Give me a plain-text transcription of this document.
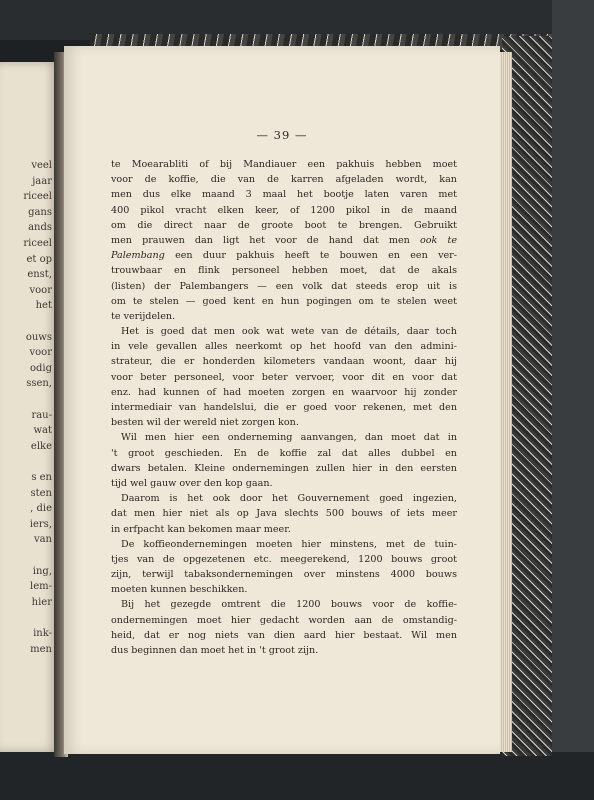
veel
jaar
riceel
gans
ands
riceel
et op
enst,
voor
het
ouws
voor
odig
ssen,
rau-
wat
elke
s en
sten
, die
iers,
van
ing,
lem-
hier
ink-
men
— 39 —
te Moearabliti of bij Mandiauer een pakhuis hebben moet
voor de koffie, die van de karren afgeladen wordt, kan
men dus elke maand 3 maal het bootje laten varen met
400 pikol vracht elken keer, of 1200 pikol in de maand
om die direct naar de groote boot te brengen. Gebruikt
men prauwen dan ligt het voor de hand dat men ook te
Palembang een duur pakhuis heeft te bouwen en een ver-
trouwbaar en flink personeel hebben moet, dat de akals
(listen) der Palembangers — een volk dat steeds erop uit is
om te stelen — goed kent en hun pogingen om te stelen weet
te verijdelen.
Het is goed dat men ook wat wete van de détails, daar toch
in vele gevallen alles neerkomt op het hoofd van den admini-
strateur, die er honderden kilometers vandaan woont, daar hij
voor beter personeel, voor beter vervoer, voor dit en voor dat
enz. had kunnen of had moeten zorgen en waarvoor hij zonder
intermediair van handelslui, die er goed voor rekenen, met den
besten wil der wereld niet zorgen kon.
Wil men hier een onderneming aanvangen, dan moet dat in
't groot geschieden. En de koffie zal dat alles dubbel en
dwars betalen. Kleine ondernemingen zullen hier in den eersten
tijd wel gauw over den kop gaan.
Daarom is het ook door het Gouvernement goed ingezien,
dat men hier niet als op Java slechts 500 bouws of iets meer
in erfpacht kan bekomen maar meer.
De koffieondernemingen moeten hier minstens, met de tuin-
tjes van de opgezetenen etc. meegerekend, 1200 bouws groot
zijn, terwijl tabaksondernemingen over minstens 4000 bouws
moeten kunnen beschikken.
Bij het gezegde omtrent die 1200 bouws voor de koffie-
ondernemingen moet hier gedacht worden aan de omstandig-
heid, dat er nog niets van dien aard hier bestaat. Wil men
dus beginnen dan moet het in 't groot zijn.
